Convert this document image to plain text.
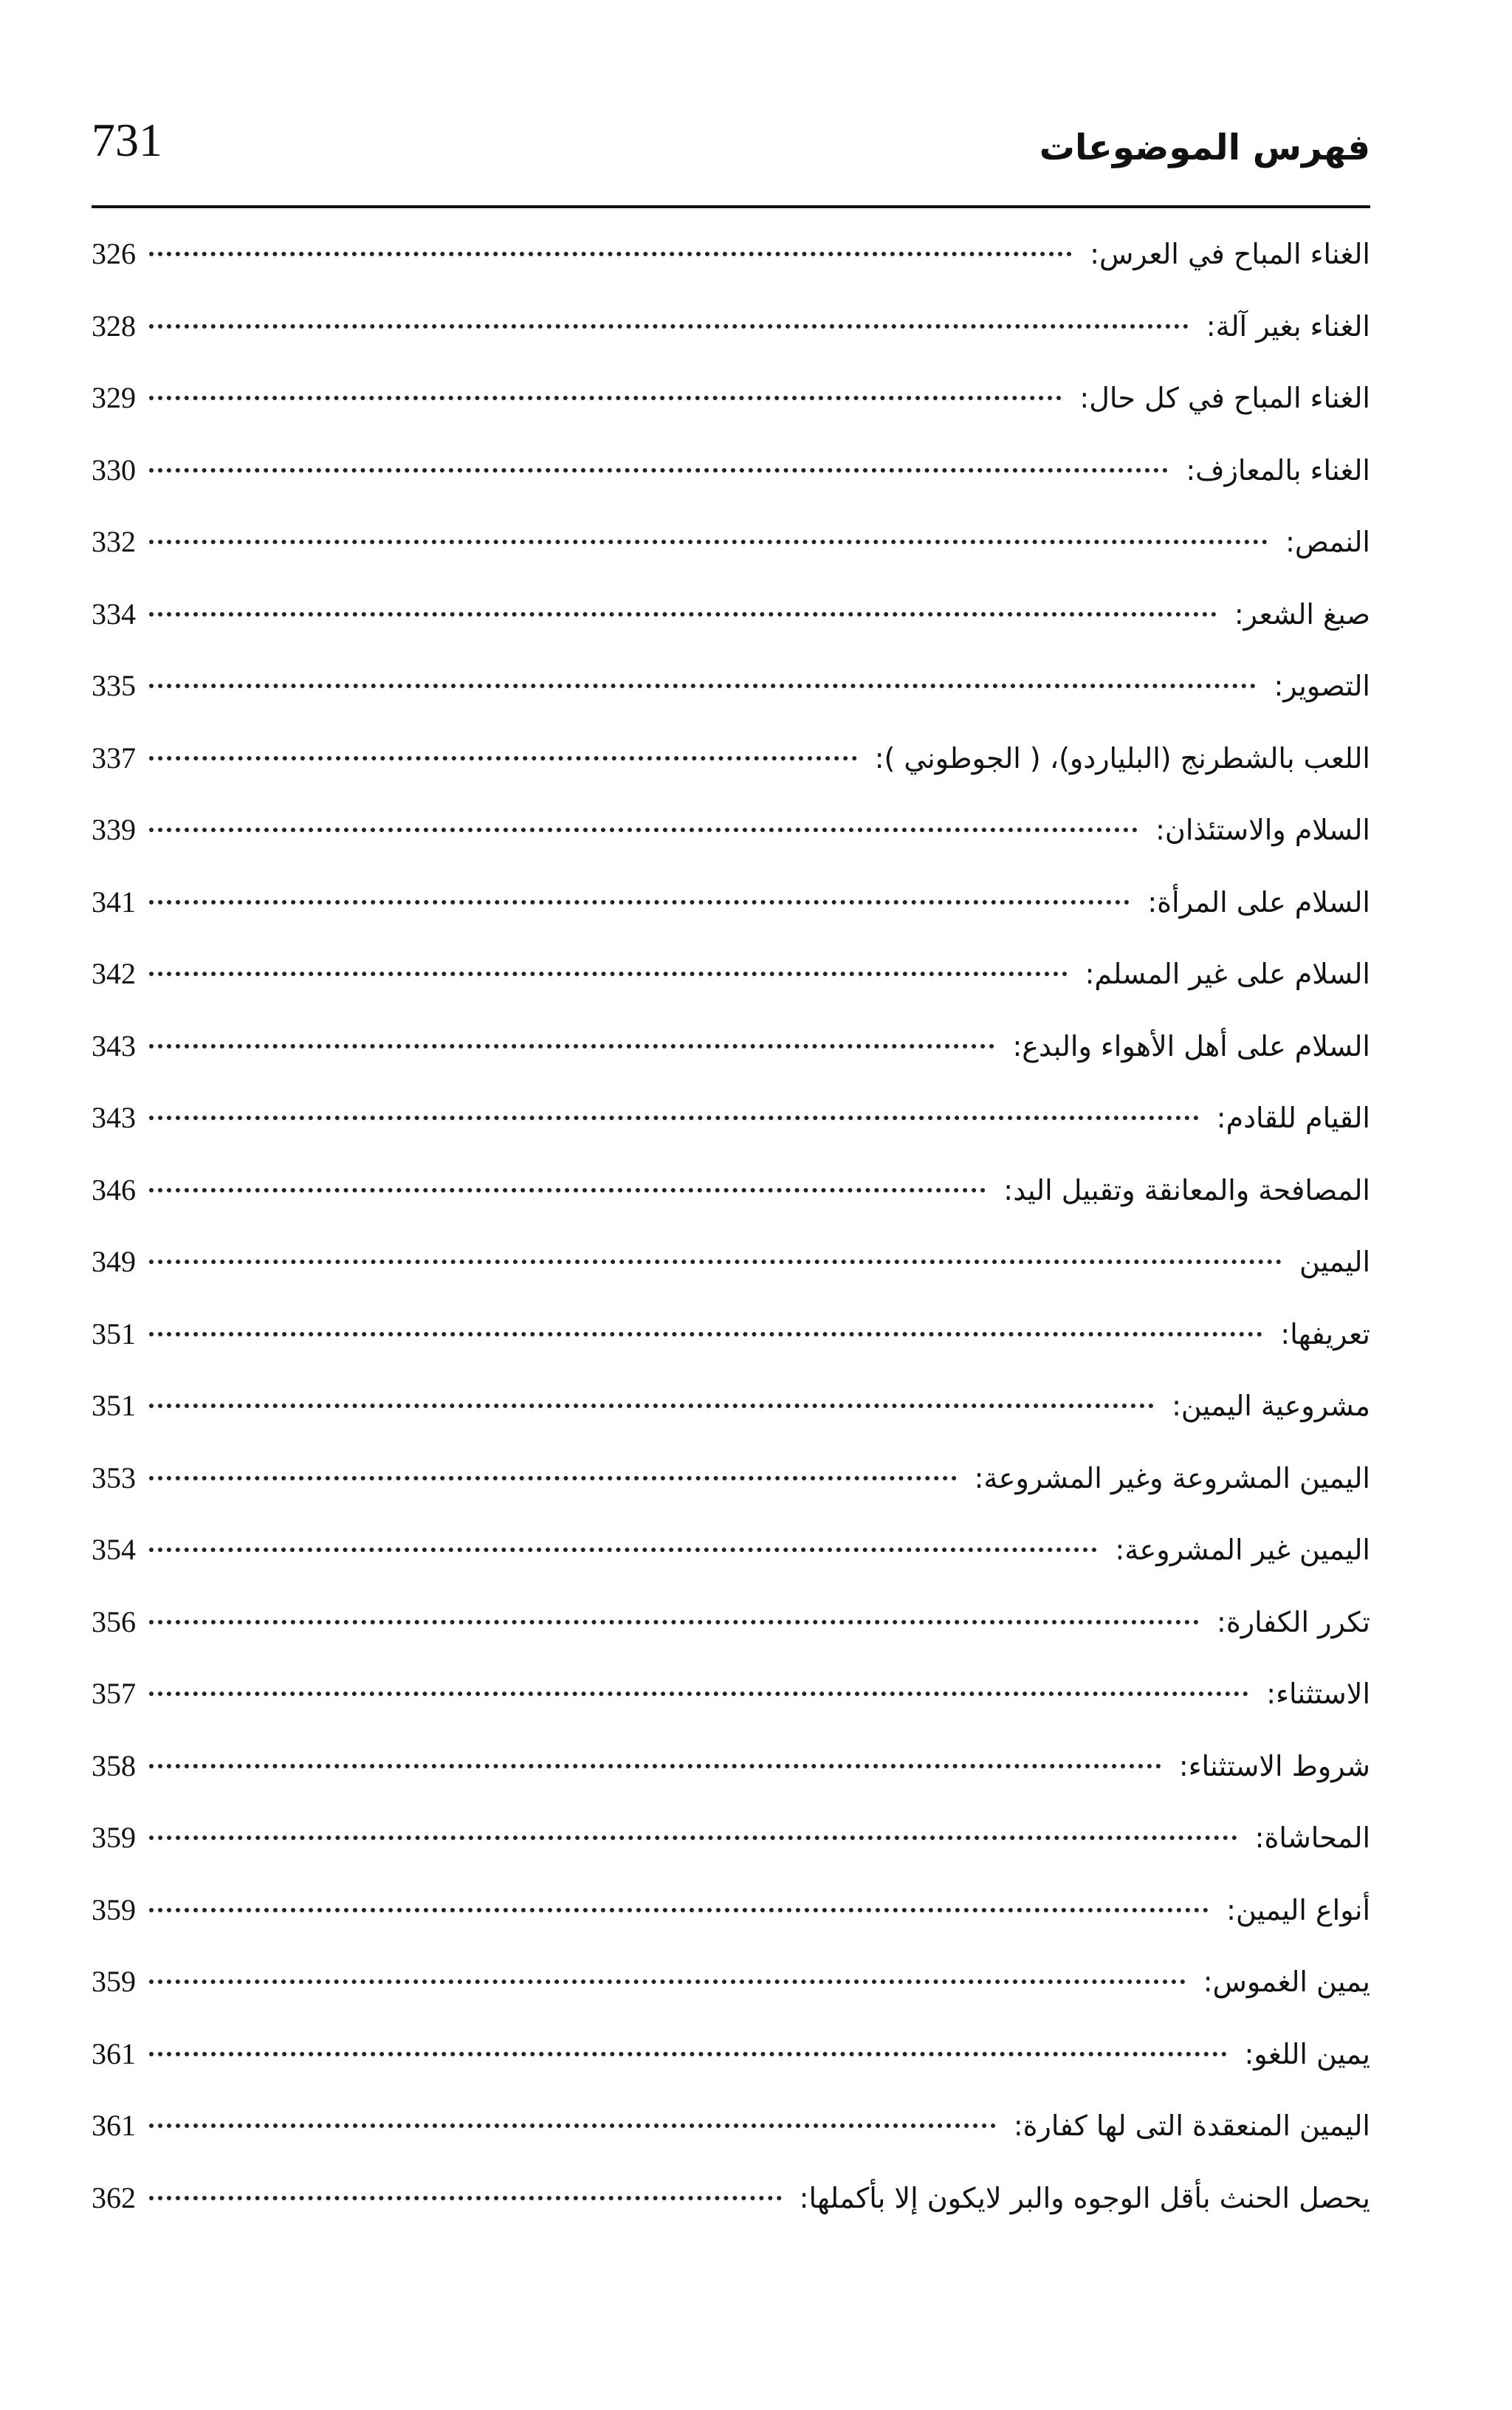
731	فهرس الموضوعات
الغناء المباح في العرس:
326
الغناء بغير آلة:
328
الغناء المباح في كل حال:
329
الغناء بالمعازف:
330
النمص:
332
صبغ الشعر:
334
التصوير:
335
اللعب بالشطرنج (البلياردو)، ( الجوطوني ):
337
السلام والاستئذان:
339
السلام على المرأة:
341
السلام على غير المسلم:
342
السلام على أهل الأهواء والبدع:
343
القيام للقادم:
343
المصافحة والمعانقة وتقبيل اليد:
346
اليمين
349
تعريفها:
351
مشروعية اليمين:
351
اليمين المشروعة وغير المشروعة:
353
اليمين غير المشروعة:
354
تكرر الكفارة:
356
الاستثناء:
357
شروط الاستثناء:
358
المحاشاة:
359
أنواع اليمين:
359
يمين الغموس:
359
يمين اللغو:
361
اليمين المنعقدة التى لها كفارة:
361
يحصل الحنث بأقل الوجوه والبر لايكون إلا بأكملها:
362
